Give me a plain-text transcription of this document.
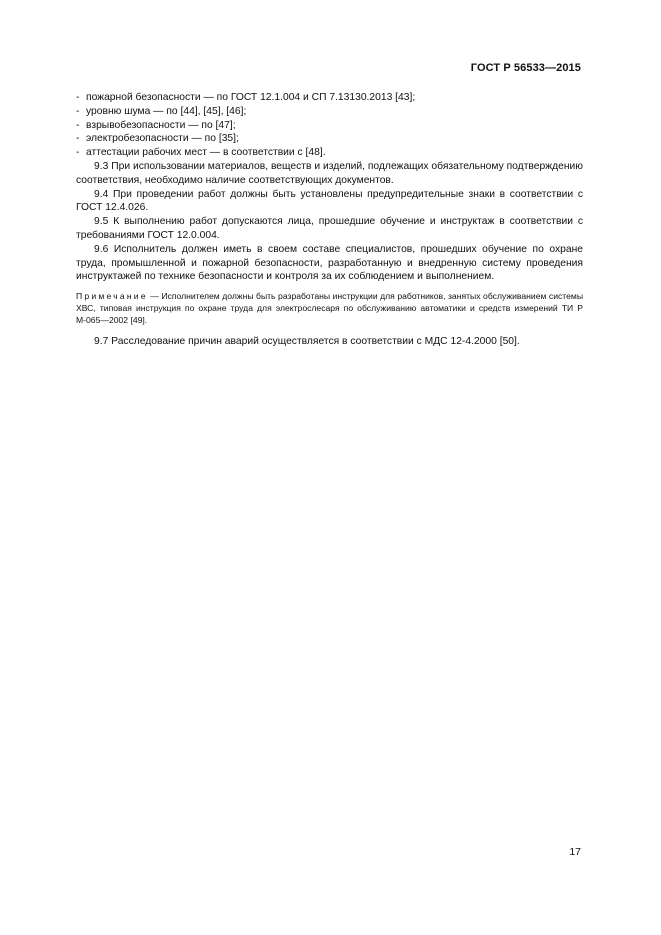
ГОСТ Р 56533—2015
- пожарной безопасности — по ГОСТ 12.1.004 и СП 7.13130.2013 [43];
- уровню шума — по [44], [45], [46];
- взрывобезопасности — по [47];
- электробезопасности — по [35];
- аттестации рабочих мест — в соответствии с [48].

9.3 При использовании материалов, веществ и изделий, подлежащих обязательному подтверждению соответствия, необходимо наличие соответствующих документов.

9.4 При проведении работ должны быть установлены предупредительные знаки в соответствии с ГОСТ 12.4.026.

9.5 К выполнению работ допускаются лица, прошедшие обучение и инструктаж в соответствии с требованиями ГОСТ 12.0.004.

9.6 Исполнитель должен иметь в своем составе специалистов, прошедших обучение по охране труда, промышленной и пожарной безопасности, разработанную и внедренную систему проведения инструктажей по технике безопасности и контроля за их соблюдением и выполнением.

Примечание — Исполнителем должны быть разработаны инструкции для работников, занятых обслуживанием системы ХВС, типовая инструкция по охране труда для электрослесаря по обслуживанию автоматики и средств измерений ТИ Р М-065—2002 [49].

9.7 Расследование причин аварий осуществляется в соответствии с МДС 12-4.2000 [50].

17
